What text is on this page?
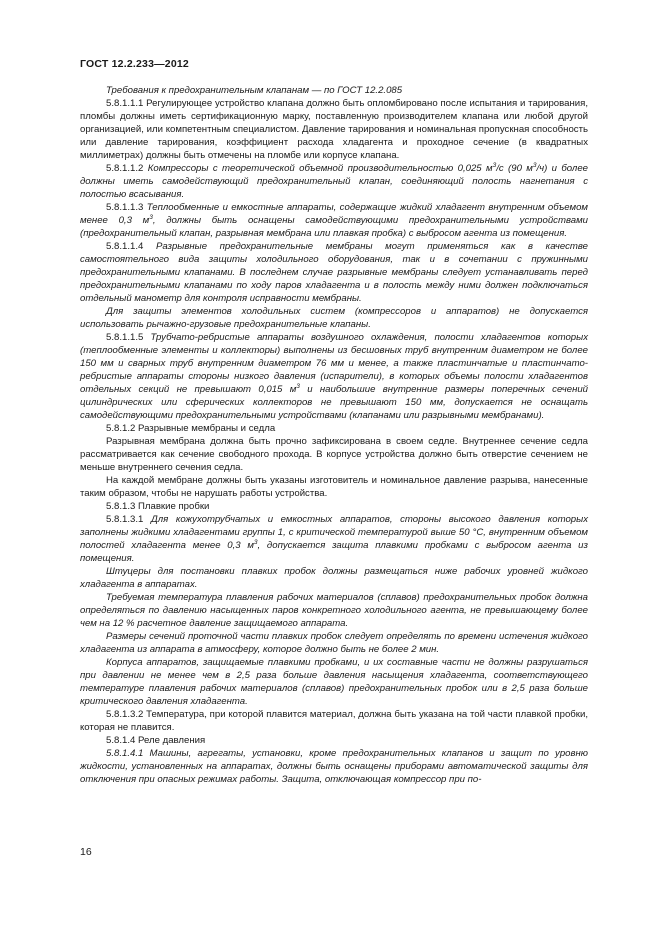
ГОСТ 12.2.233—2012

Требования к предохранительным клапанам — по ГОСТ 12.2.085

5.8.1.1.1 Регулирующее устройство клапана должно быть опломбировано после испытания и тарирования, пломбы должны иметь сертификационную марку, поставленную производителем клапана или любой другой организацией, или компетентным специалистом. Давление тарирования и номинальная пропускная способность или давление тарирования, коэффициент расхода хладагента и проходное сечение (в квадратных миллиметрах) должны быть отмечены на пломбе или корпусе клапана.

5.8.1.1.2 Компрессоры с теоретической объемной производительностью 0,025 $м^3/с$ (90 $м^3/ч$) и более должны иметь самодействующий предохранительный клапан, соединяющий полость нагнетания с полостью всасывания.

5.8.1.1.3 Теплообменные и емкостные аппараты, содержащие жидкий хладагент внутренним объемом менее 0,3 $м^3$, должны быть оснащены самодействующими предохранительными устройствами (предохранительный клапан, разрывная мембрана или плавкая пробка) с выбросом агента из помещения.

5.8.1.1.4 Разрывные предохранительные мембраны могут применяться как в качестве самостоятельного вида защиты холодильного оборудования, так и в сочетании с пружинными предохранительными клапанами. В последнем случае разрывные мембраны следует устанавливать перед предохранительными клапанами по ходу паров хладагента и в полость между ними должен подключаться отдельный манометр для контроля исправности мембраны.

Для защиты элементов холодильных систем (компрессоров и аппаратов) не допускается использовать рычажно-грузовые предохранительные клапаны.

5.8.1.1.5 Трубчато-ребристые аппараты воздушного охлаждения, полости хладагентов которых (теплообменные элементы и коллекторы) выполнены из бесшовных труб внутренним диаметром не более 150 мм и сварных труб внутренним диаметром 76 мм и менее, а также пластинчатые и пластинчато-ребристые аппараты стороны низкого давления (испарители), в которых объемы полости хладагентов отдельных секций не превышают 0,015 $м^3$ и наибольшие внутренние размеры поперечных сечений цилиндрических или сферических коллекторов не превышают 150 мм, допускается не оснащать самодействующими предохранительными устройствами (клапанами или разрывными мембранами).

5.8.1.2 Разрывные мембраны и седла

Разрывная мембрана должна быть прочно зафиксирована в своем седле. Внутреннее сечение седла рассматривается как сечение свободного прохода. В корпусе устройства должно быть отверстие сечением не меньше внутреннего сечения седла.

На каждой мембране должны быть указаны изготовитель и номинальное давление разрыва, нанесенные таким образом, чтобы не нарушать работы устройства.

5.8.1.3 Плавкие пробки

5.8.1.3.1 Для кожухотрубчатых и емкостных аппаратов, стороны высокого давления которых заполнены жидкими хладагентами группы 1, с критической температурой выше 50 °С, внутренним объемом полостей хладагента менее 0,3 $м^3$, допускается защита плавкими пробками с выбросом агента из помещения.

Штуцеры для постановки плавких пробок должны размещаться ниже рабочих уровней жидкого хладагента в аппаратах.

Требуемая температура плавления рабочих материалов (сплавов) предохранительных пробок должна определяться по давлению насыщенных паров конкретного холодильного агента, не превышающему более чем на 12 % расчетное давление защищаемого аппарата.

Размеры сечений проточной части плавких пробок следует определять по времени истечения жидкого хладагента из аппарата в атмосферу, которое должно быть не более 2 мин.

Корпуса аппаратов, защищаемые плавкими пробками, и их составные части не должны разрушаться при давлении не менее чем в 2,5 раза больше давления насыщения хладагента, соответствующего температуре плавления рабочих материалов (сплавов) предохранительных пробок или в 2,5 раза больше критического давления хладагента.

5.8.1.3.2 Температура, при которой плавится материал, должна быть указана на той части плавкой пробки, которая не плавится.

5.8.1.4 Реле давления

5.8.1.4.1 Машины, агрегаты, установки, кроме предохранительных клапанов и защит по уровню жидкости, установленных на аппаратах, должны быть оснащены приборами автоматической защиты для отключения при опасных режимах работы. Защита, отключающая компрессор при по-

16
